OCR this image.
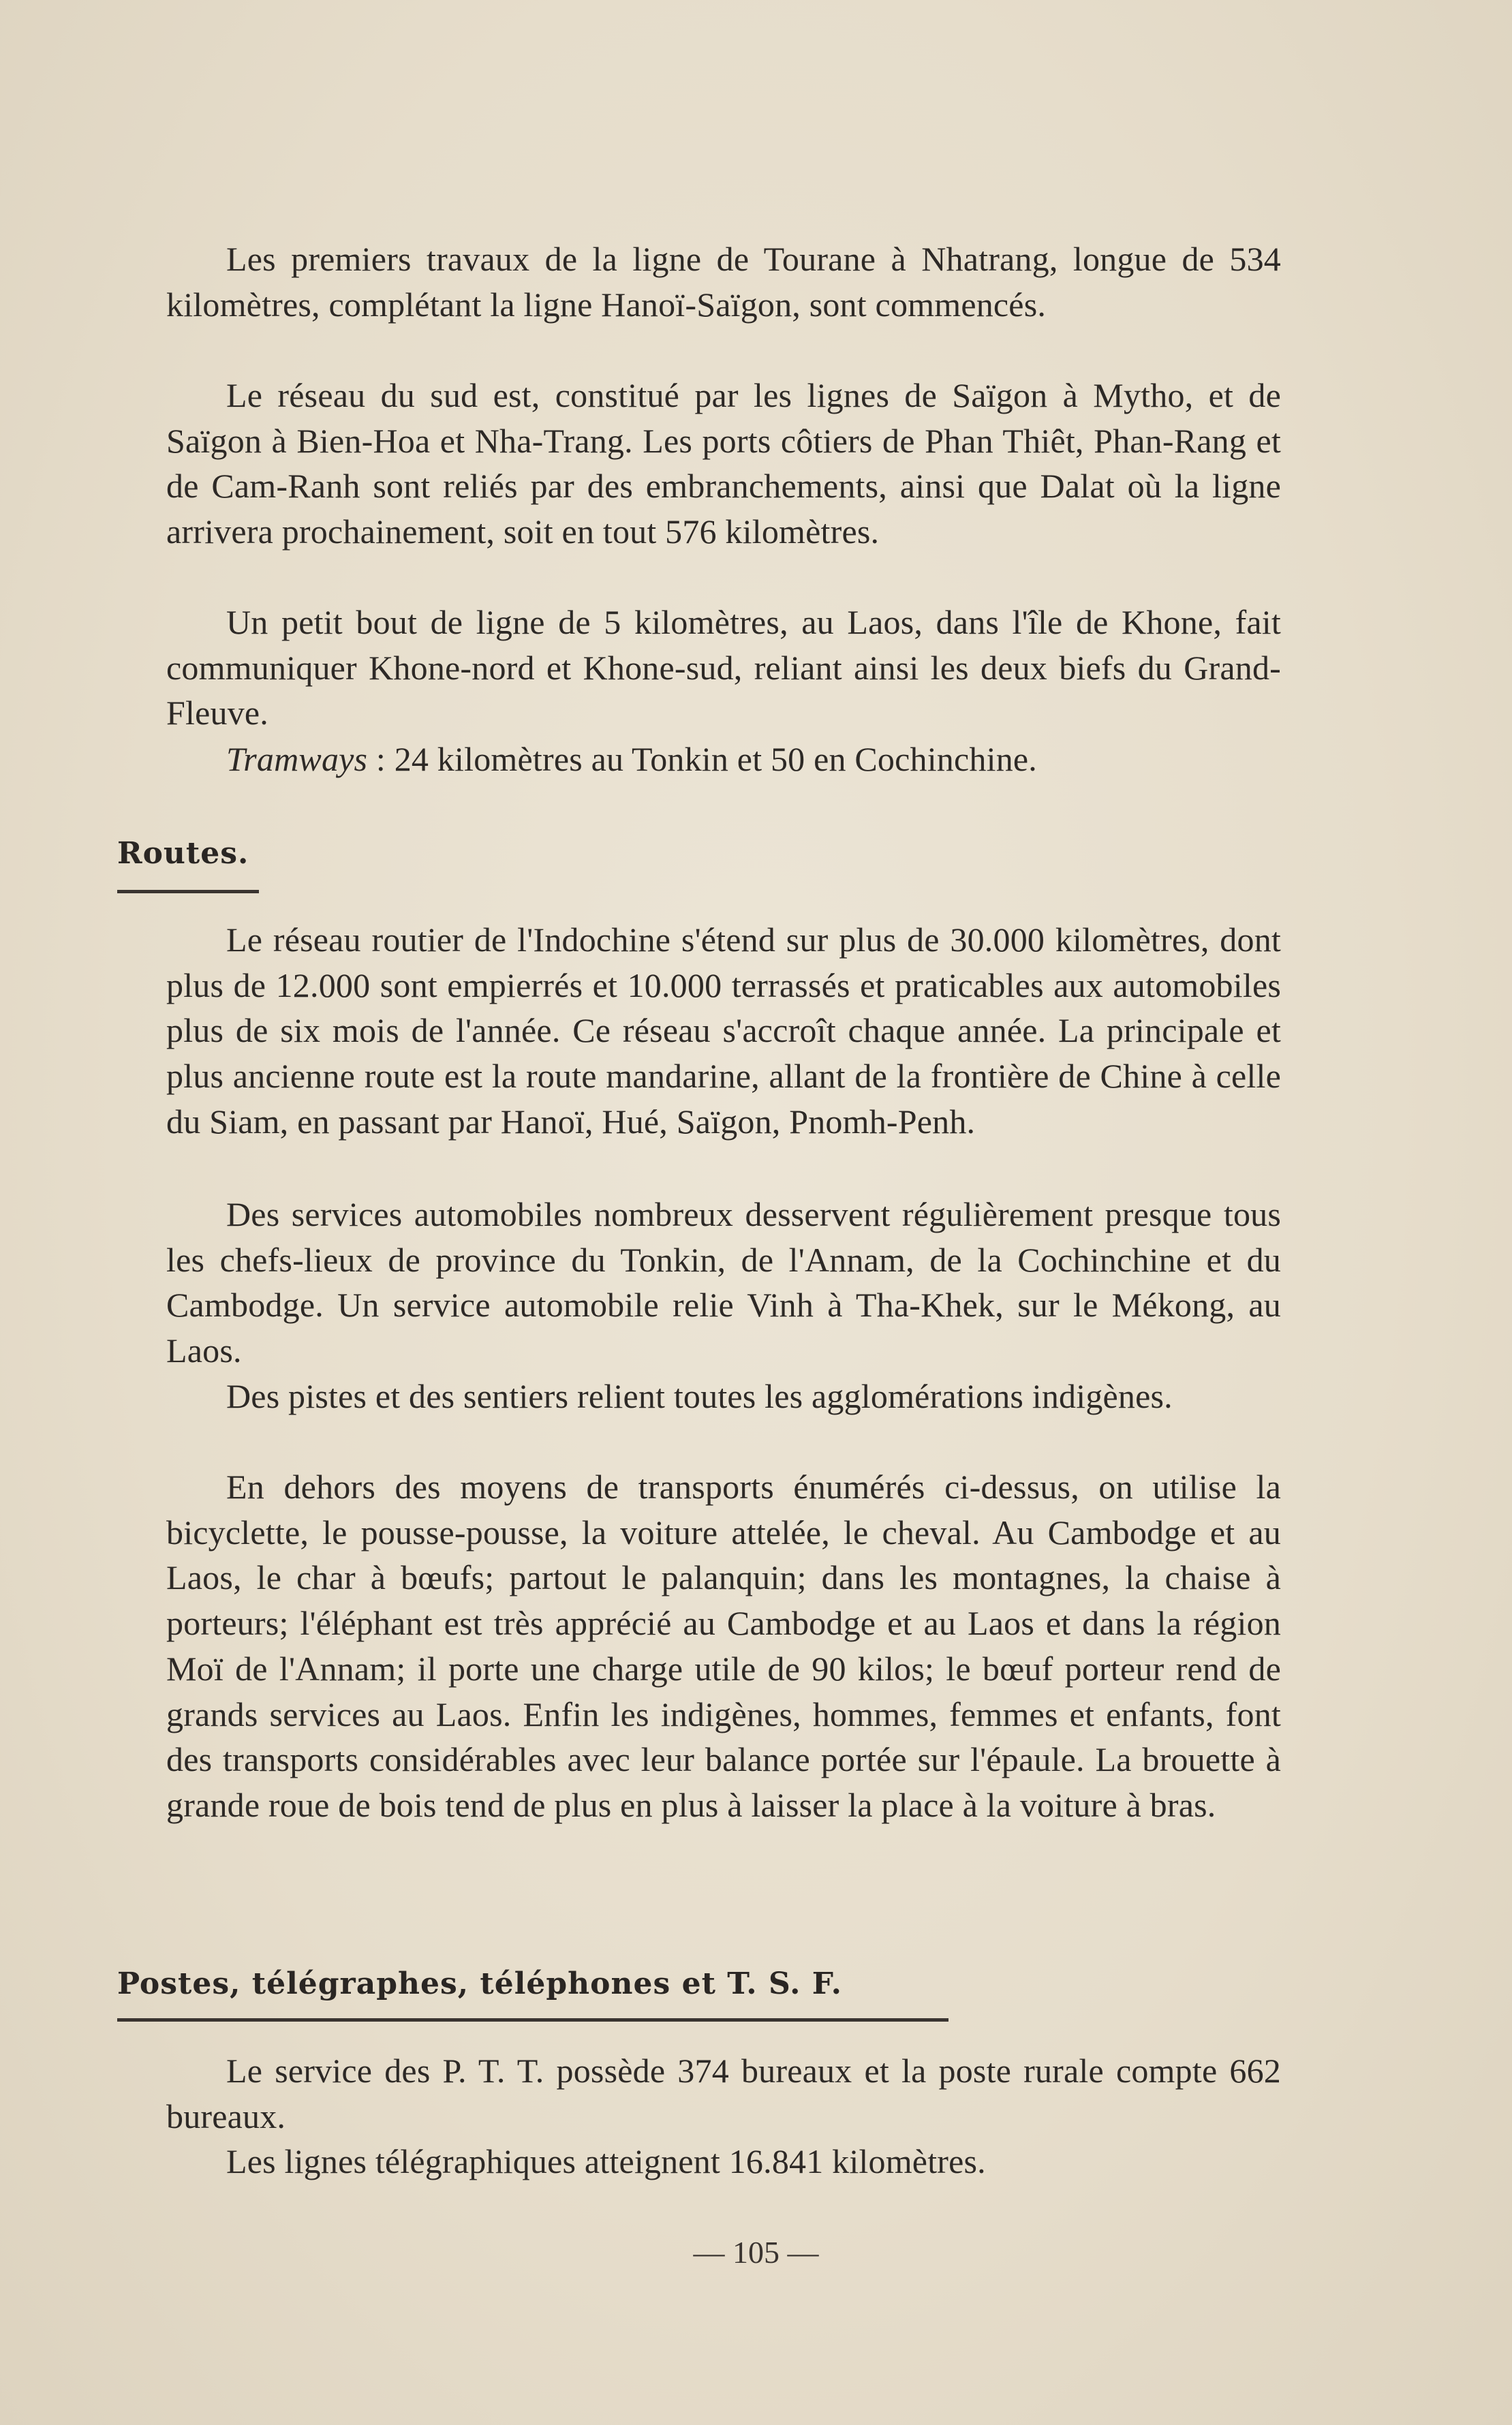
Les premiers travaux de la ligne de Tourane à Nhatrang, longue de 534 kilomètres, complétant la ligne Hanoï-Saïgon, sont commencés.

Le réseau du sud est, constitué par les lignes de Saïgon à Mytho, et de Saïgon à Bien-Hoa et Nha-Trang. Les ports côtiers de Phan Thiêt, Phan-Rang et de Cam-Ranh sont reliés par des embranchements, ainsi que Dalat où la ligne arrivera prochainement, soit en tout 576 kilomètres.

Un petit bout de ligne de 5 kilomètres, au Laos, dans l'île de Khone, fait communiquer Khone-nord et Khone-sud, reliant ainsi les deux biefs du Grand-Fleuve.

Tramways : 24 kilomètres au Tonkin et 50 en Cochinchine.

Routes.

Le réseau routier de l'Indochine s'étend sur plus de 30.000 kilomètres, dont plus de 12.000 sont empierrés et 10.000 terrassés et praticables aux automobiles plus de six mois de l'année. Ce réseau s'accroît chaque année. La principale et plus ancienne route est la route mandarine, allant de la frontière de Chine à celle du Siam, en passant par Hanoï, Hué, Saïgon, Pnomh-Penh.

Des services automobiles nombreux desservent régulièrement presque tous les chefs-lieux de province du Tonkin, de l'Annam, de la Cochinchine et du Cambodge. Un service automobile relie Vinh à Tha-Khek, sur le Mékong, au Laos.

Des pistes et des sentiers relient toutes les agglomérations indigènes.

En dehors des moyens de transports énumérés ci-dessus, on utilise la bicyclette, le pousse-pousse, la voiture attelée, le cheval. Au Cambodge et au Laos, le char à bœufs; partout le palanquin; dans les montagnes, la chaise à porteurs; l'éléphant est très apprécié au Cambodge et au Laos et dans la région Moï de l'Annam; il porte une charge utile de 90 kilos; le bœuf porteur rend de grands services au Laos. Enfin les indigènes, hommes, femmes et enfants, font des transports considérables avec leur balance portée sur l'épaule. La brouette à grande roue de bois tend de plus en plus à laisser la place à la voiture à bras.

Postes, télégraphes, téléphones et T. S. F.

Le service des P. T. T. possède 374 bureaux et la poste rurale compte 662 bureaux.

Les lignes télégraphiques atteignent 16.841 kilomètres.

— 105 —
